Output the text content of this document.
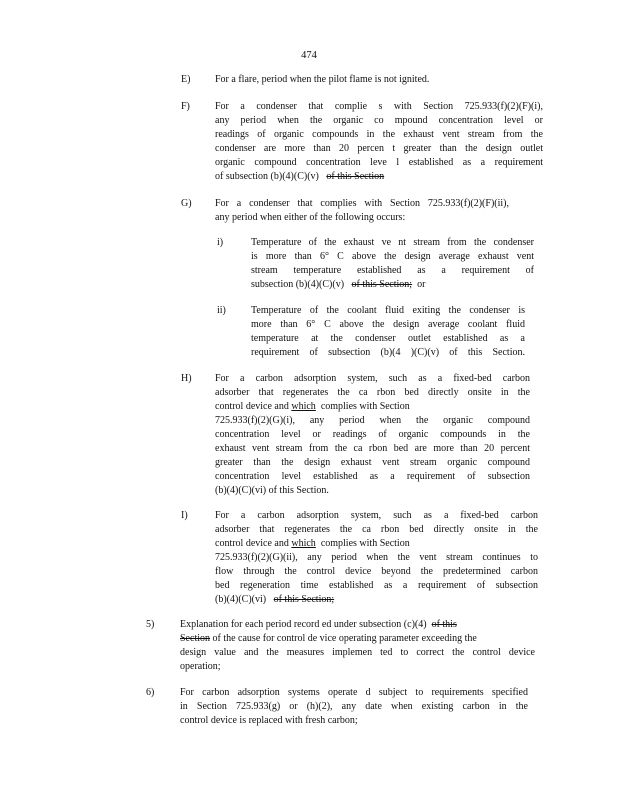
474
E) For a flare, period when the pilot flame is not ignited.
F)	For a condenser that complie s with Section 725.933(f)(2)(F)(i),
any period when the organic co mpound concentration level or
readings of organic compounds in the exhaust vent stream from the
condenser are more than 20 percen t greater than the design outlet
organic compound concentration leve l established as a requirement
of subsection (b)(4)(C)(v) of this Section
G) For a condenser that complies with Section 725.933(f)(2)(F)(ii),
any period when either of the following occurs:
i)	Temperature of the exhaust ve nt stream from the condenser
is more than 6° C above the design average exhaust vent
stream temperature established as a requirement of
subsection (b)(4)(C)(v) of this Section; or
ii)	Temperature of the coolant fluid exiting the condenser is
more than 6° C above the design average coolant fluid
temperature at the condenser outlet established as a
requirement of subsection (b)(4 )(C)(v) of this Section.
H) For a carbon adsorption system, such as a fixed-bed carbon
adsorber that regenerates the ca rbon bed directly onsite in the
control device and which complies with Section
725.933(f)(2)(G)(i), any period when the organic compound
concentration level or readings of organic compounds in the
exhaust vent stream from the ca rbon bed are more than 20 percent
greater than the design exhaust vent stream organic compound
concentration level established as a requirement of subsection
(b)(4)(C)(vi) of this Section.
I)	For a carbon adsorption system, such as a fixed-bed carbon
adsorber that regenerates the ca rbon bed directly onsite in the
control device and which complies with Section
725.933(f)(2)(G)(ii), any period when the vent stream continues to
flow through the control device beyond the predetermined carbon
bed regeneration time established as a requirement of subsection
(b)(4)(C)(vi) of this Section;
5)	Explanation for each period record ed under subsection (c)(4) of this
Section of the cause for control de vice operating parameter exceeding the
design value and the measures implemen ted to correct the control device
operation;
6)	For carbon adsorption systems operate d subject to requirements specified
in Section 725.933(g) or (h)(2), any date when existing carbon in the
control device is replaced with fresh carbon;
